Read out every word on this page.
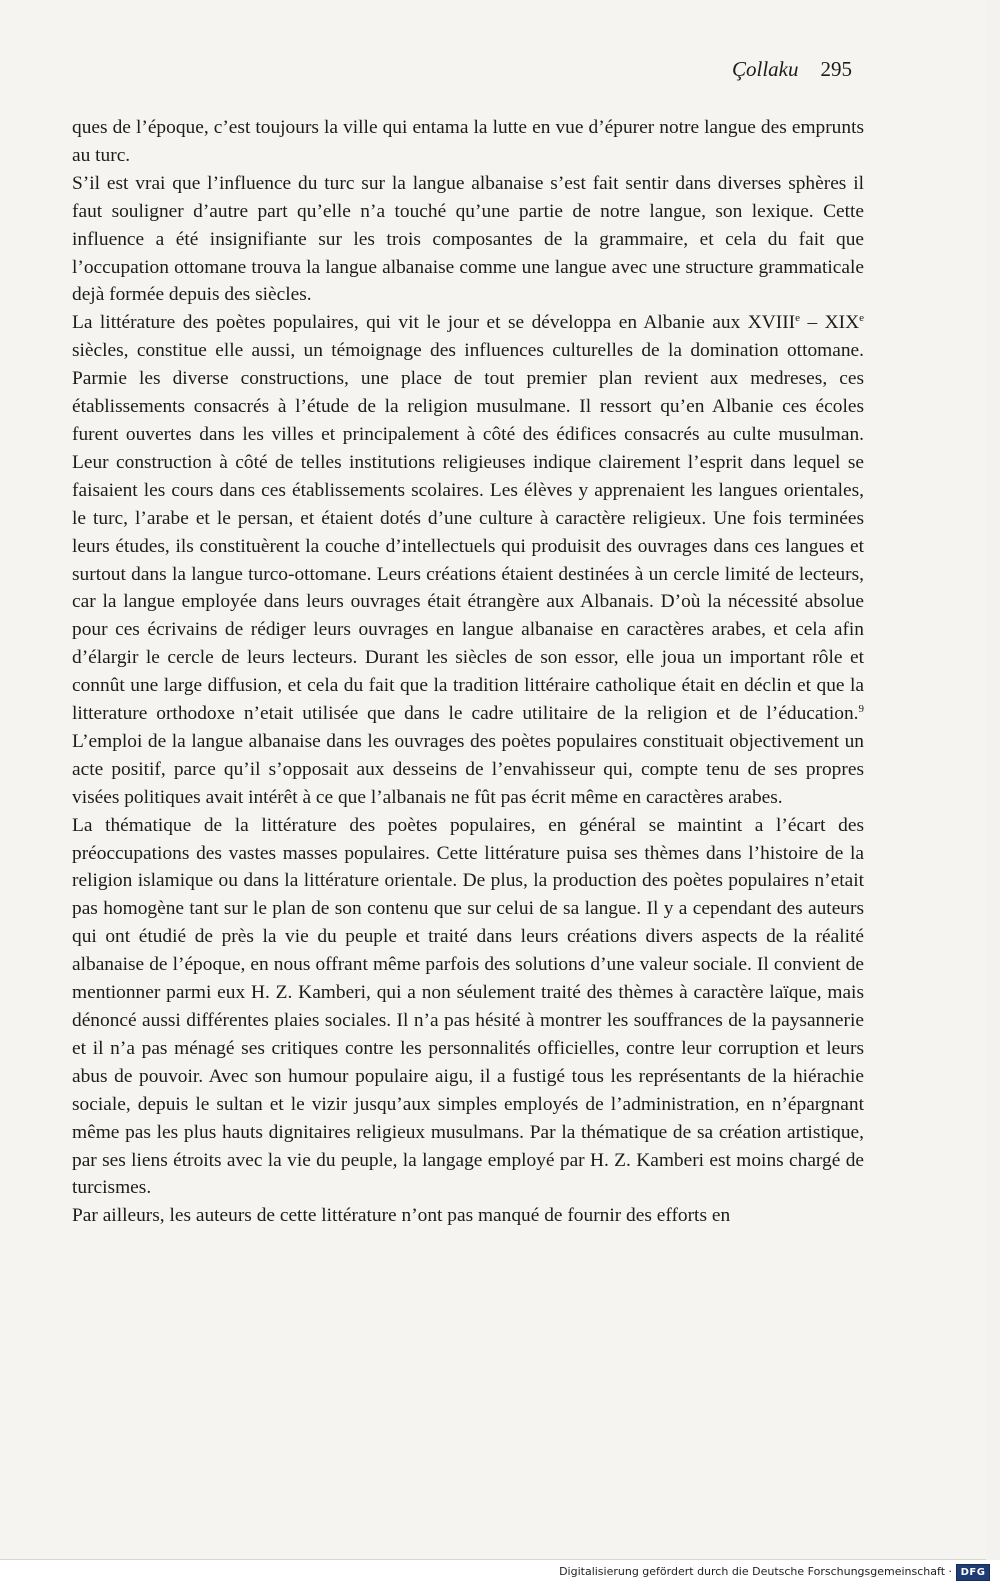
Çollaku 295

ques de l’époque, c’est toujours la ville qui entama la lutte en vue d’épurer notre langue des emprunts au turc.

S’il est vrai que l’influence du turc sur la langue albanaise s’est fait sentir dans diverses sphères il faut souligner d’autre part qu’elle n’a touché qu’une partie de notre langue, son lexique. Cette influence a été insignifiante sur les trois composantes de la grammaire, et cela du fait que l’occupation ottomane trouva la langue albanaise comme une langue avec une structure grammaticale dejà formée depuis des siècles.

La littérature des poètes populaires, qui vit le jour et se développa en Albanie aux XVIIIe – XIXe siècles, constitue elle aussi, un témoignage des influences culturelles de la domination ottomane. Parmie les diverse constructions, une place de tout premier plan revient aux medreses, ces établissements consacrés à l’étude de la religion musulmane. Il ressort qu’en Albanie ces écoles furent ouvertes dans les villes et principalement à côté des édifices consacrés au culte musulman. Leur construction à côté de telles institutions religieuses indique clairement l’esprit dans lequel se faisaient les cours dans ces établissements scolaires. Les élèves y apprenaient les langues orientales, le turc, l’arabe et le persan, et étaient dotés d’une culture à caractère religieux. Une fois terminées leurs études, ils constituèrent la couche d’intellectuels qui produisit des ouvrages dans ces langues et surtout dans la langue turco-ottomane. Leurs créations étaient destinées à un cercle limité de lecteurs, car la langue employée dans leurs ouvrages était étrangère aux Albanais. D’où la nécessité absolue pour ces écrivains de rédiger leurs ouvrages en langue albanaise en caractères arabes, et cela afin d’élargir le cercle de leurs lecteurs. Durant les siècles de son essor, elle joua un important rôle et connût une large diffusion, et cela du fait que la tradition littéraire catholique était en déclin et que la litterature orthodoxe n’etait utilisée que dans le cadre utilitaire de la religion et de l’éducation.$^9$ L’emploi de la langue albanaise dans les ouvrages des poètes populaires constituait objectivement un acte positif, parce qu’il s’opposait aux desseins de l’envahisseur qui, compte tenu de ses propres visées politiques avait intérêt à ce que l’albanais ne fût pas écrit même en caractères arabes.

La thématique de la littérature des poètes populaires, en général se maintint a l’écart des préoccupations des vastes masses populaires. Cette littérature puisa ses thèmes dans l’histoire de la religion islamique ou dans la littérature orientale. De plus, la production des poètes populaires n’etait pas homogène tant sur le plan de son contenu que sur celui de sa langue. Il y a cependant des auteurs qui ont étudié de près la vie du peuple et traité dans leurs créations divers aspects de la réalité albanaise de l’époque, en nous offrant même parfois des solutions d’une valeur sociale. Il convient de mentionner parmi eux H. Z. Kamberi, qui a non séulement traité des thèmes à caractère laïque, mais dénoncé aussi différentes plaies sociales. Il n’a pas hésité à montrer les souffrances de la paysannerie et il n’a pas ménagé ses critiques contre les personnalités officielles, contre leur corruption et leurs abus de pouvoir. Avec son humour populaire aigu, il a fustigé tous les représentants de la hiérachie sociale, depuis le sultan et le vizir jusqu’aux simples employés de l’administration, en n’épargnant même pas les plus hauts dignitaires religieux musulmans. Par la thématique de sa création artistique, par ses liens étroits avec la vie du peuple, la langage employé par H. Z. Kamberi est moins chargé de turcismes.

Par ailleurs, les auteurs de cette littérature n’ont pas manqué de fournir des efforts en

Digitalisierung gefördert durch die Deutsche Forschungsgemeinschaft · DFG
